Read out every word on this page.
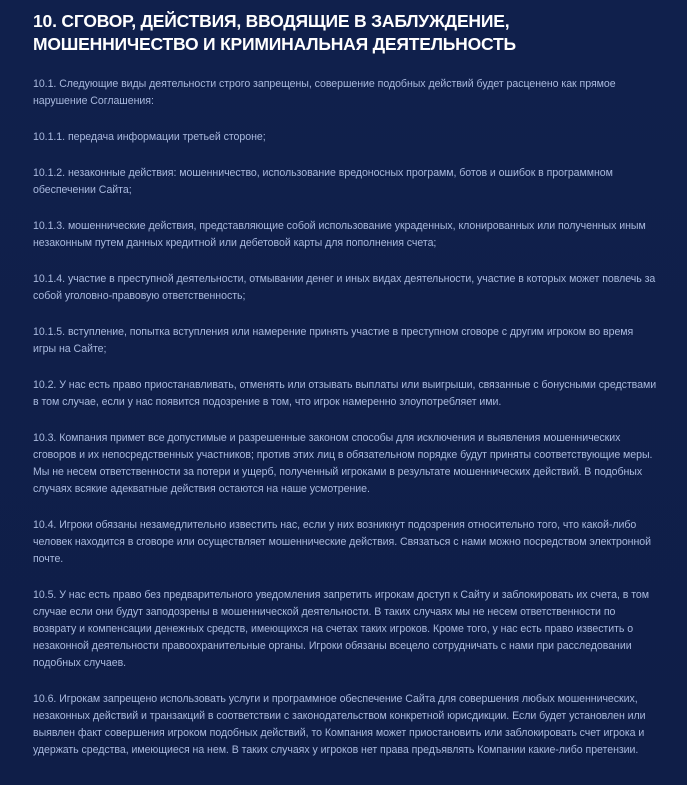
10. СГОВОР, ДЕЙСТВИЯ, ВВОДЯЩИЕ В ЗАБЛУЖДЕНИЕ, МОШЕННИЧЕСТВО И КРИМИНАЛЬНАЯ ДЕЯТЕЛЬНОСТЬ

10.1. Следующие виды деятельности строго запрещены, совершение подобных действий будет расценено как прямое нарушение Соглашения:

10.1.1. передача информации третьей стороне;

10.1.2. незаконные действия: мошенничество, использование вредоносных программ, ботов и ошибок в программном обеспечении Сайта;

10.1.3. мошеннические действия, представляющие собой использование украденных, клонированных или полученных иным незаконным путем данных кредитной или дебетовой карты для пополнения счета;

10.1.4. участие в преступной деятельности, отмывании денег и иных видах деятельности, участие в которых может повлечь за собой уголовно-правовую ответственность;

10.1.5. вступление, попытка вступления или намерение принять участие в преступном сговоре с другим игроком во время игры на Сайте;

10.2. У нас есть право приостанавливать, отменять или отзывать выплаты или выигрыши, связанные с бонусными средствами в том случае, если у нас появится подозрение в том, что игрок намеренно злоупотребляет ими.

10.3. Компания примет все допустимые и разрешенные законом способы для исключения и выявления мошеннических сговоров и их непосредственных участников; против этих лиц в обязательном порядке будут приняты соответствующие меры. Мы не несем ответственности за потери и ущерб, полученный игроками в результате мошеннических действий. В подобных случаях всякие адекватные действия остаются на наше усмотрение.

10.4. Игроки обязаны незамедлительно известить нас, если у них возникнут подозрения относительно того, что какой-либо человек находится в сговоре или осуществляет мошеннические действия. Связаться с нами можно посредством электронной почте.

10.5. У нас есть право без предварительного уведомления запретить игрокам доступ к Сайту и заблокировать их счета, в том случае если они будут заподозрены в мошеннической деятельности. В таких случаях мы не несем ответственности по возврату и компенсации денежных средств, имеющихся на счетах таких игроков. Кроме того, у нас есть право известить о незаконной деятельности правоохранительные органы. Игроки обязаны всецело сотрудничать с нами при расследовании подобных случаев.

10.6. Игрокам запрещено использовать услуги и программное обеспечение Сайта для совершения любых мошеннических, незаконных действий и транзакций в соответствии с законодательством конкретной юрисдикции. Если будет установлен или выявлен факт совершения игроком подобных действий, то Компания может приостановить или заблокировать счет игрока и удержать средства, имеющиеся на нем. В таких случаях у игроков нет права предъявлять Компании какие-либо претензии.
